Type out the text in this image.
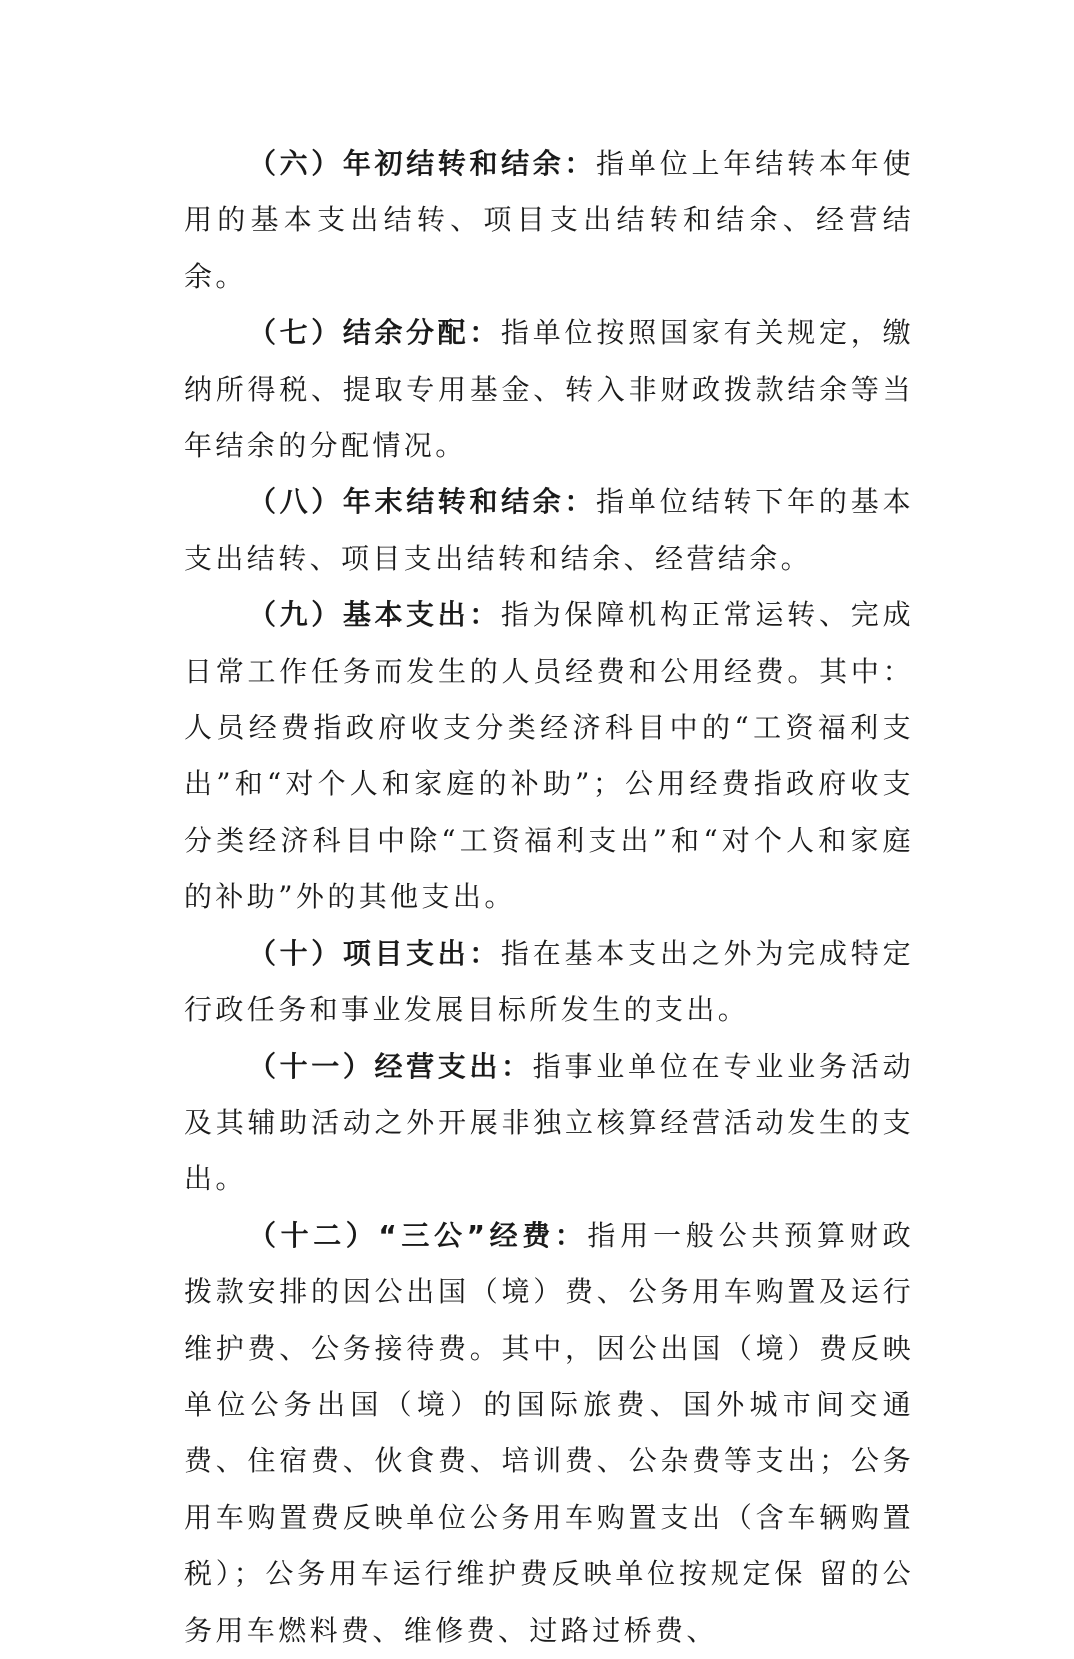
（六）年初结转和结余：指单位上年结转本年使用的基本支出结转、项目支出结转和结余、经营结余。

（七）结余分配：指单位按照国家有关规定，缴纳所得税、提取专用基金、转入非财政拨款结余等当年结余的分配情况。

（八）年末结转和结余：指单位结转下年的基本支出结转、项目支出结转和结余、经营结余。

（九）基本支出：指为保障机构正常运转、完成日常工作任务而发生的人员经费和公用经费。其中：人员经费指政府收支分类经济科目中的“工资福利支出”和“对个人和家庭的补助”；公用经费指政府收支分类经济科目中除“工资福利支出”和“对个人和家庭的补助”外的其他支出。

（十）项目支出：指在基本支出之外为完成特定行政任务和事业发展目标所发生的支出。

（十一）经营支出：指事业单位在专业业务活动及其辅助活动之外开展非独立核算经营活动发生的支出。

（十二）“三公”经费：指用一般公共预算财政拨款安排的因公出国（境）费、公务用车购置及运行维护费、公务接待费。其中，因公出国（境）费反映单位公务出国（境）的国际旅费、国外城市间交通费、住宿费、伙食费、培训费、公杂费等支出；公务用车购置费反映单位公务用车购置支出（含车辆购置税）；公务用车运行维护费反映单位按规定保 留的公务用车燃料费、维修费、过路过桥费、
